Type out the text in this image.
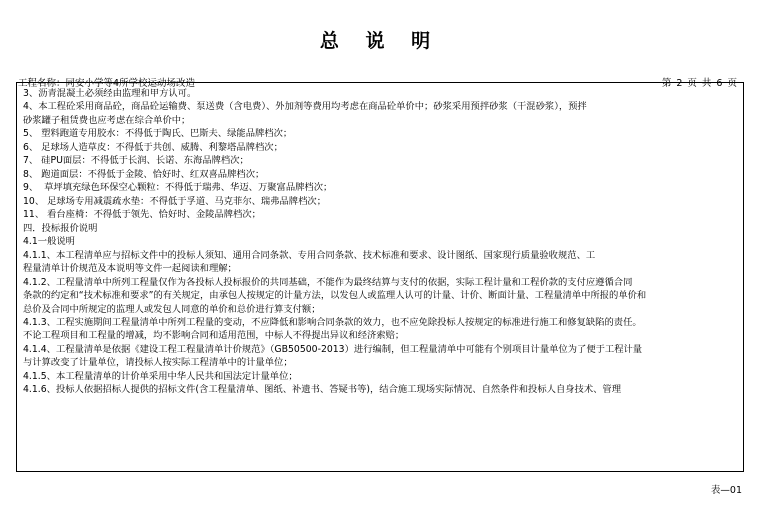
总 说 明
工程名称：同安小学等4所学校运动场改造	第 2 页 共 6 页

3、沥青混凝土必须经由监理和甲方认可。

4、本工程砼采用商品砼，商品砼运输费、泵送费（含电费）、外加剂等费用均考虑在商品砼单价中；砂浆采用预拌砂浆（干混砂浆），预拌

砂浆罐子租赁费也应考虑在综合单价中；

5、 塑料跑道专用胶水：不得低于陶氏、巴斯夫、绿能品牌档次；

6、 足球场人造草皮：不得低于共创、威腾、利黎塔品牌档次；

7、 硅PU面层：不得低于长润、长诺、东海品牌档次；

8、 跑道面层：不得低于金陵、恰好时、红双喜品牌档次；

9、  草坪填充绿色环保空心颗粒：不得低于瑞弗、华迈、万聚富品牌档次；

10、 足球场专用减震疏水垫：不得低于孚道、马克菲尔、瑞弗品牌档次；

11、 看台座椅：不得低于领先、恰好时、金陵品牌档次；

四．投标报价说明

4.1一般说明

4.1.1、本工程清单应与招标文件中的投标人须知、通用合同条款、专用合同条款、技术标准和要求、设计图纸、国家现行质量验收规范、工

程量清单计价规范及本说明等文件一起阅读和理解；

4.1.2、工程量清单中所列工程量仅作为各投标人投标报价的共同基础，不能作为最终结算与支付的依据，实际工程计量和工程价款的支付应遵循合同

条款的约定和“技术标准和要求”的有关规定，由承包人按规定的计量方法，以发包人或监理人认可的计量、计价、断面计量、工程量清单中所报的单价和

总价及合同中所规定的监理人或发包人同意的单价和总价进行算支付额；

4.1.3、工程实施期间工程量清单中所列工程量的变动，不应降低和影响合同条款的效力，也不应免除投标人按规定的标准进行施工和修复缺陷的责任。

不论工程项目和工程量的增减，均不影响合同和适用范围，中标人不得提出异议和经济索赔；

4.1.4、工程量清单是依据《建设工程工程量清单计价规范》（GB50500-2013）进行编制，但工程量清单中可能有个别项目计量单位为了便于工程计量

与计算改变了计量单位，请投标人按实际工程清单中的计量单位；

4.1.5、本工程量清单的计价单采用中华人民共和国法定计量单位；

4.1.6、投标人依据招标人提供的招标文件(含工程量清单、图纸、补遗书、答疑书等)，结合施工现场实际情况、自然条件和投标人自身技术、管理

表—01
